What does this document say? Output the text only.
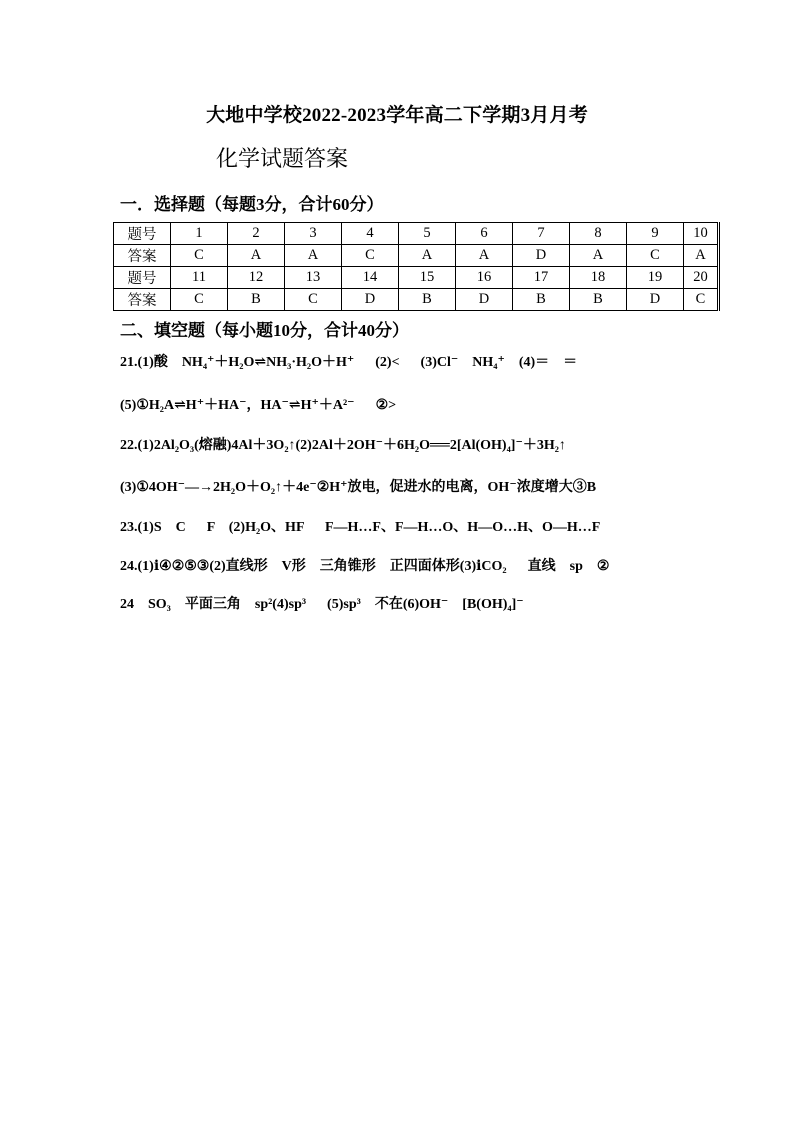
大地中学校2022-2023学年高二下学期3月月考
化学试题答案
一．选择题（每题3分，合计60分）
题号	1	2	3	4	5	6	7	8	9	10
答案	C	A	A	C	A	A	D	A	C	A
题号	11	12	13	14	15	16	17	18	19	20
答案	C	B	C	D	B	D	B	B	D	C
二、填空题（每小题10分，合计40分）
21.(1)酸    NH₄⁺＋H₂O⇌NH₃·H₂O＋H⁺      (2)<      (3)Cl⁻    NH₄⁺    (4)＝    ＝
(5)①H₂A⇌H⁺＋HA⁻，HA⁻⇌H⁺＋A²⁻      ②>
22.(1)2Al₂O₃(熔融)4Al＋3O₂↑(2)2Al＋2OH⁻＋6H₂O══2[Al(OH)₄]⁻＋3H₂↑
(3)①4OH⁻—→2H₂O＋O₂↑＋4e⁻②H⁺放电，促进水的电离，OH⁻浓度增大③B
23.(1)S    C      F    (2)H₂O、HF      F—H…F、F—H…O、H—O…H、O—H…F
24.(1)ⅰ④②⑤③(2)直线形    V形    三角锥形    正四面体形(3)ⅰCO₂      直线    sp    ②
24    SO₃    平面三角    sp²(4)sp³      (5)sp³    不在(6)OH⁻    [B(OH)₄]⁻
